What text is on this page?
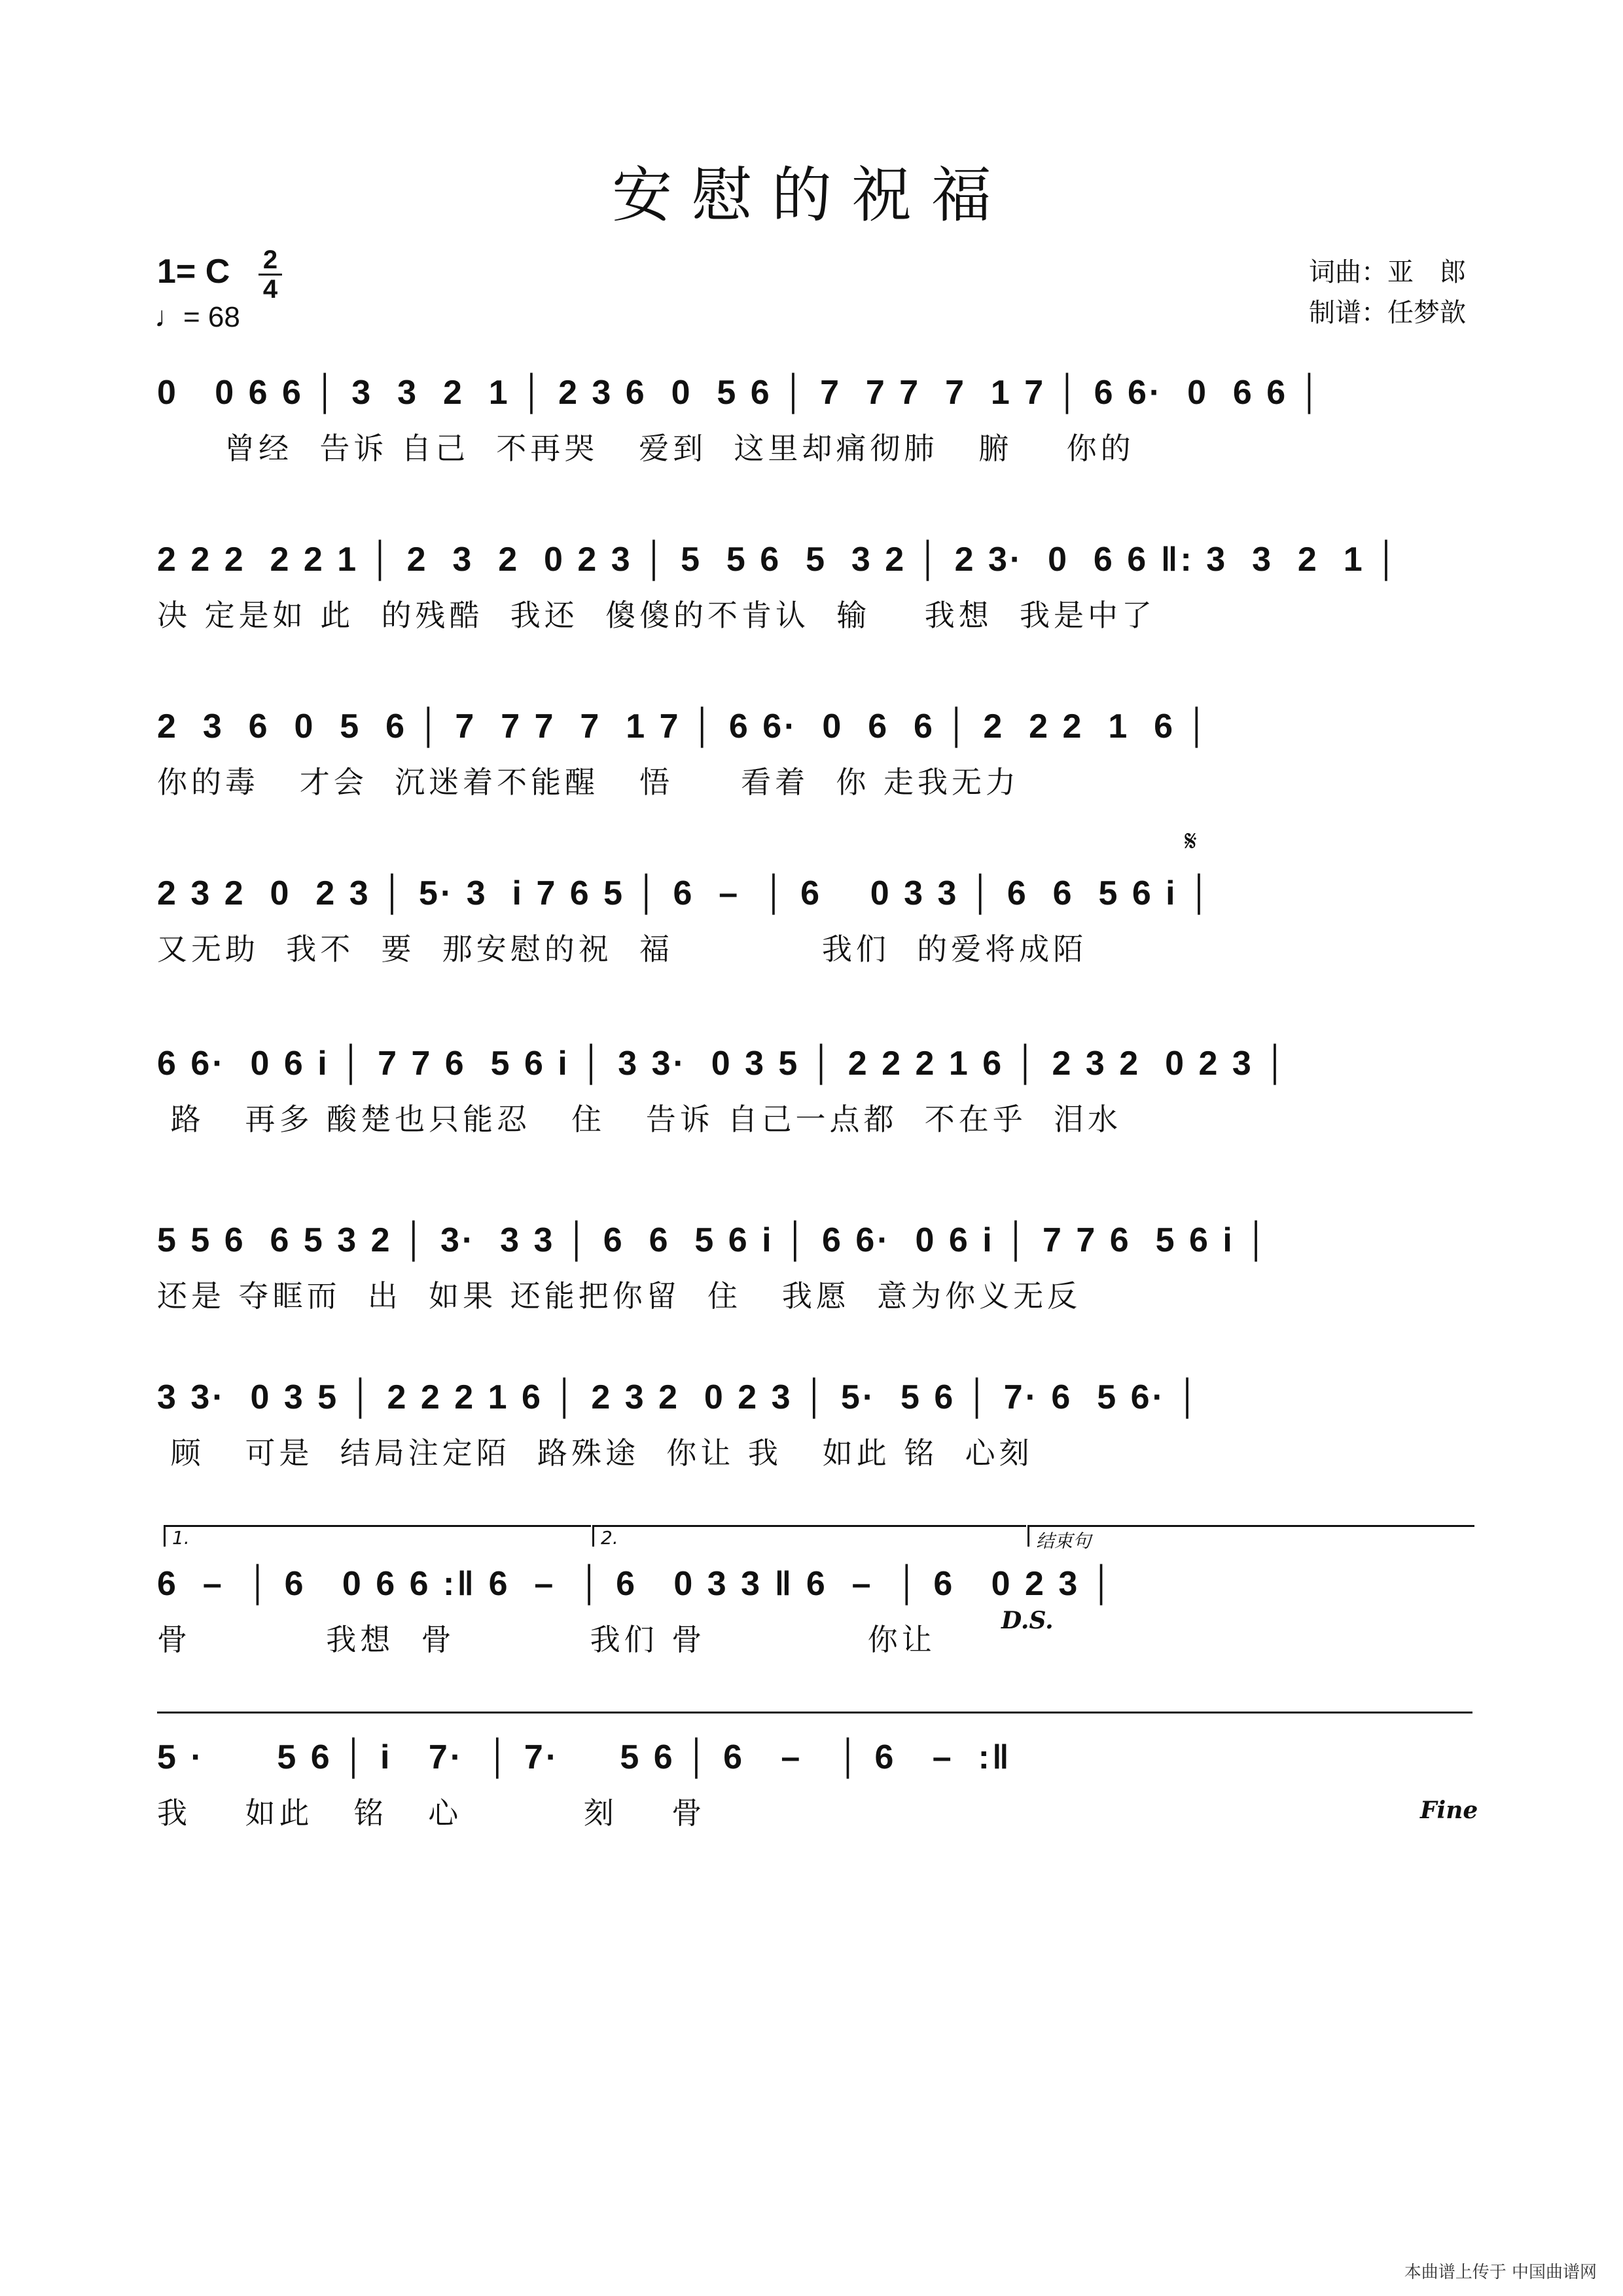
安慰的祝福
1= C 2
4
♩= 68
词曲：亚　郎
制谱：任梦歆
0   0 6 6 │ 3  3  2  1 │ 2 3 6  0  5 6 │ 7  7 7  7  1 7 │ 6 6·  0  6 6 │
曾经  告诉 自己  不再哭   爱到  这里却痛彻肺   腑    你的
2 2 2  2 2 1 │ 2  3  2  0 2 3 │ 5  5 6  5  3 2 │ 2 3·  0  6 6 ‖: 3  3  2  1 │
决 定是如 此  的残酷  我还  傻傻的不肯认  输    我想  我是中了
2  3  6  0  5  6 │ 7  7 7  7  1 7 │ 6 6·  0  6  6 │ 2  2 2  1  6 │
你的毒   才会  沉迷着不能醒   悟     看着  你 走我无力
𝄋
2 3 2  0  2 3 │ 5· 3  i 7 6 5 │ 6  –  │ 6    0 3 3 │ 6  6  5 6 i │
又无助  我不  要  那安慰的祝  福           我们  的爱将成陌
6 6·  0 6 i │ 7 7 6  5 6 i │ 3 3·  0 3 5 │ 2 2 2 1 6 │ 2 3 2  0 2 3 │
路   再多 酸楚也只能忍   住   告诉 自己一点都  不在乎  泪水
5 5 6  6 5 3 2 │ 3·  3 3 │ 6  6  5 6 i │ 6 6·  0 6 i │ 7 7 6  5 6 i │
还是 夺眶而  出  如果 还能把你留  住   我愿  意为你义无反
3 3·  0 3 5 │ 2 2 2 1 6 │ 2 3 2  0 2 3 │ 5·  5 6 │ 7· 6  5 6· │
顾   可是  结局注定陌  路殊途  你让 我   如此 铭  心刻
1.	2.	结束句
6  –  │ 6   0 6 6 :‖ 6  –  │ 6   0 3 3 ‖ 6  –  │ 6   0 2 3 │
骨          我想  骨          我们 骨            你让
D.S.
5 ·      5 6 │ i   7·  │ 7·     5 6 │ 6   –   │ 6   –  :‖
我    如此   铭   心         刻    骨	Fine
本曲谱上传于 中国曲谱网
